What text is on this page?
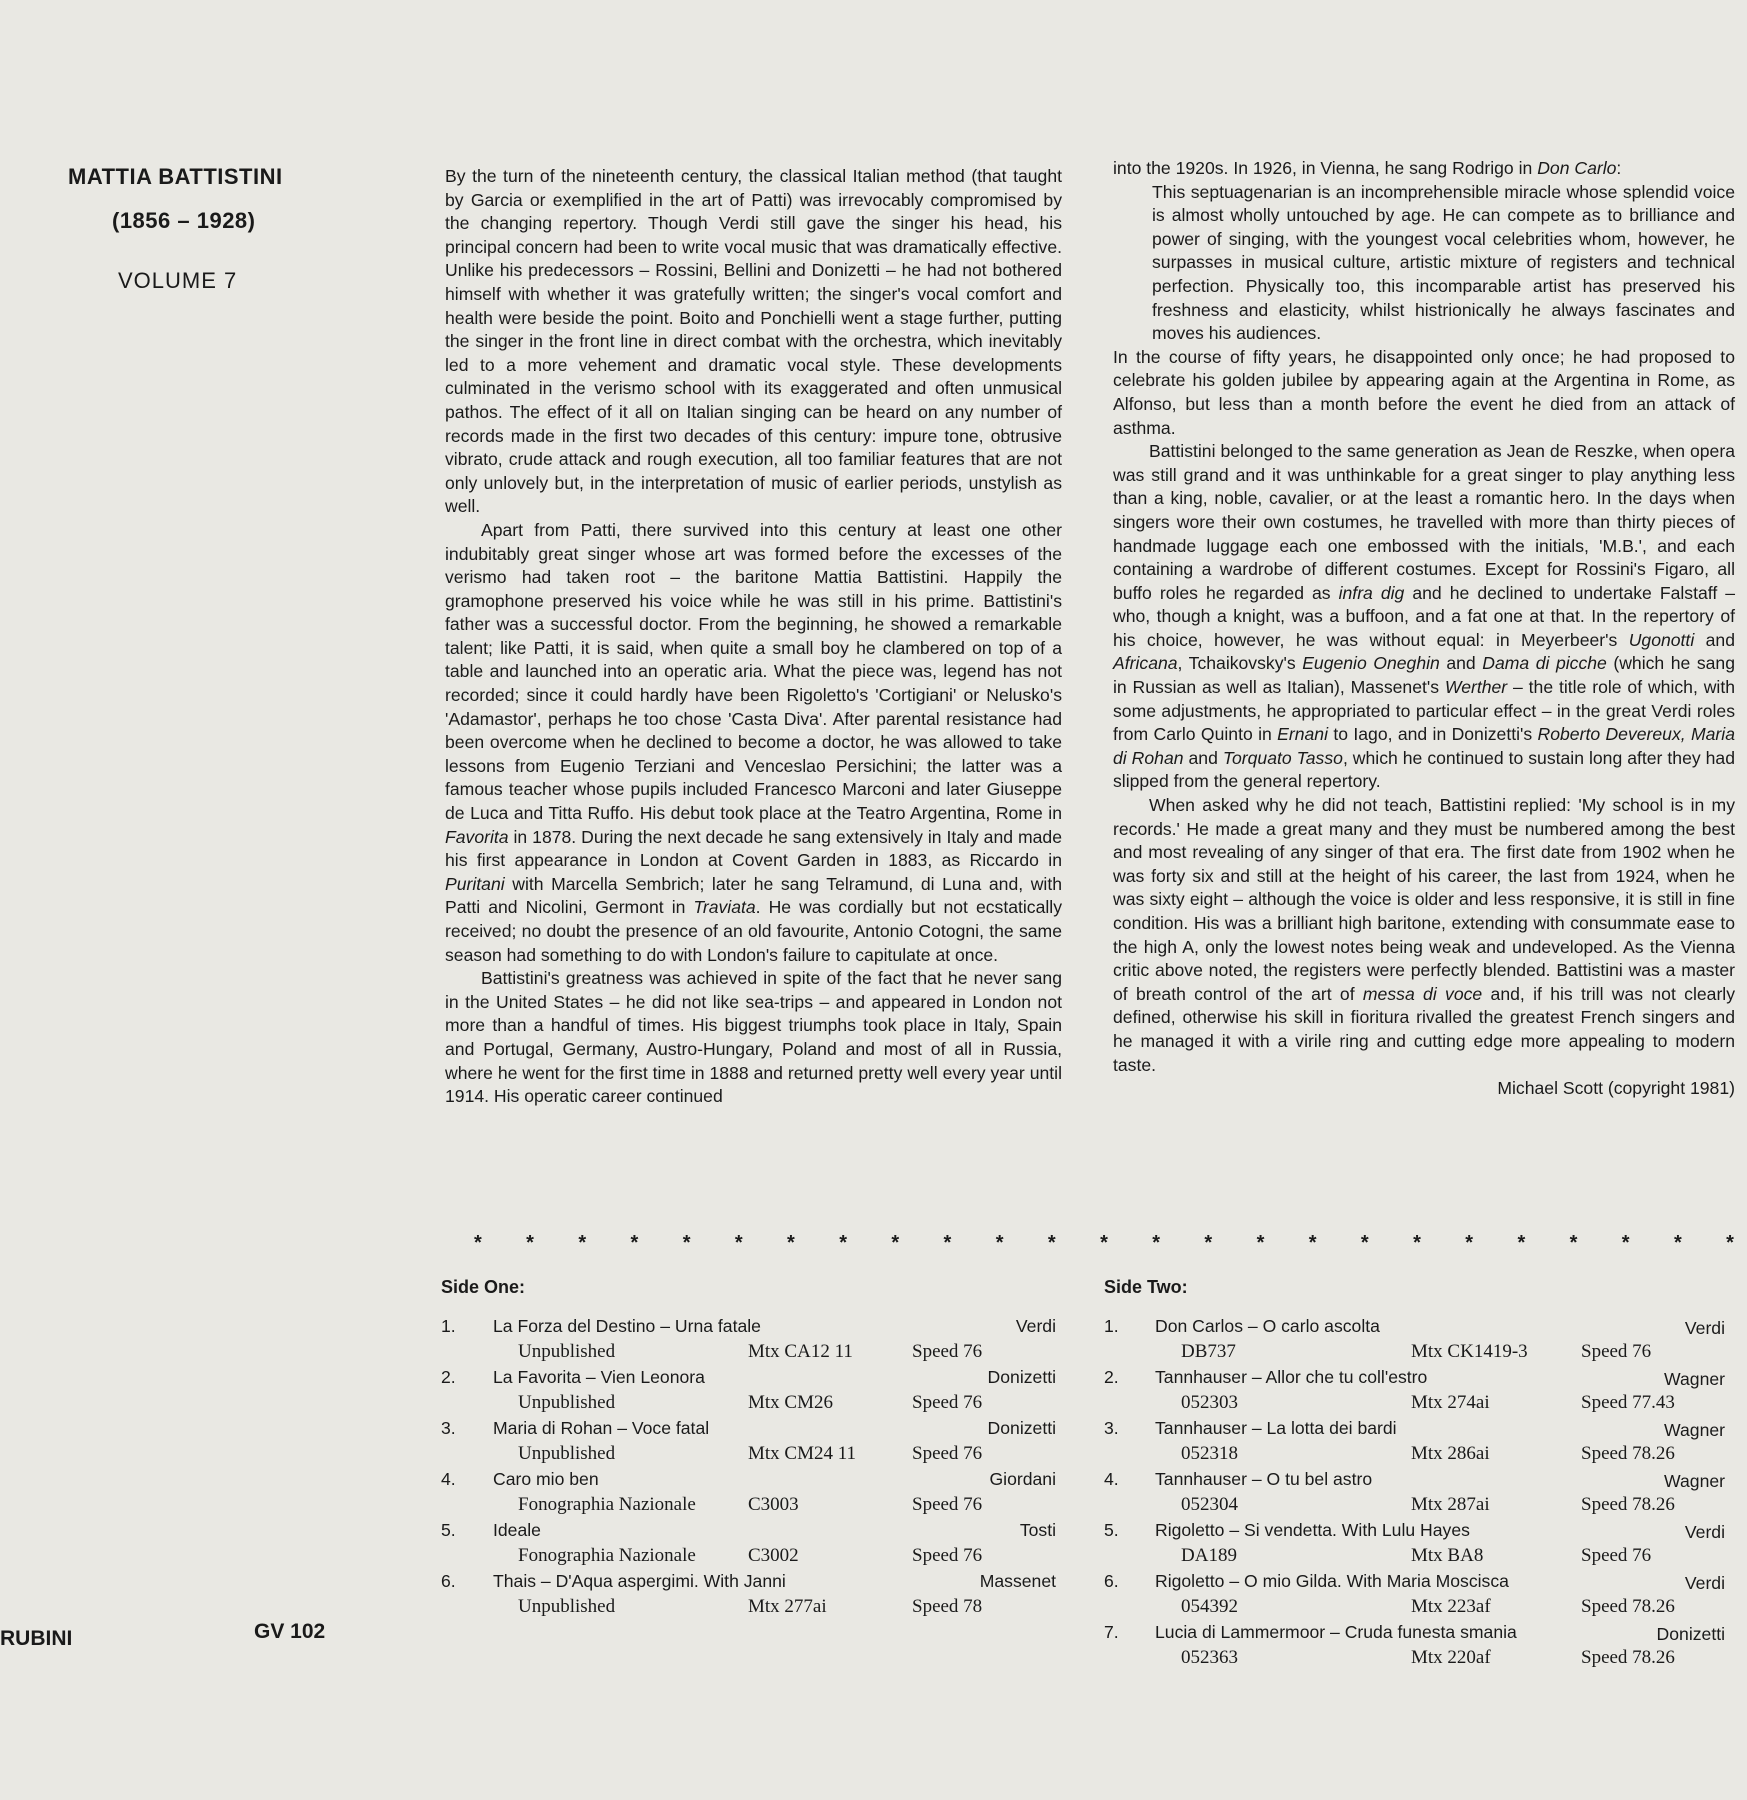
MATTIA BATTISTINI
(1856 – 1928)
VOLUME 7

By the turn of the nineteenth century, the classical Italian method (that taught by Garcia or exemplified in the art of Patti) was irrevocably compromised by the changing repertory. Though Verdi still gave the singer his head, his principal concern had been to write vocal music that was dramatically effective. Unlike his predecessors – Rossini, Bellini and Donizetti – he had not bothered himself with whether it was gratefully written; the singer's vocal comfort and health were beside the point. Boito and Ponchielli went a stage further, putting the singer in the front line in direct combat with the orchestra, which inevitably led to a more vehement and dramatic vocal style. These developments culminated in the verismo school with its exaggerated and often unmusical pathos. The effect of it all on Italian singing can be heard on any number of records made in the first two decades of this century: impure tone, obtrusive vibrato, crude attack and rough execution, all too familiar features that are not only unlovely but, in the interpretation of music of earlier periods, unstylish as well.

Apart from Patti, there survived into this century at least one other indubitably great singer whose art was formed before the excesses of the verismo had taken root – the baritone Mattia Battistini. Happily the gramophone preserved his voice while he was still in his prime. Battistini's father was a successful doctor. From the beginning, he showed a remarkable talent; like Patti, it is said, when quite a small boy he clambered on top of a table and launched into an operatic aria. What the piece was, legend has not recorded; since it could hardly have been Rigoletto's 'Cortigiani' or Nelusko's 'Adamastor', perhaps he too chose 'Casta Diva'. After parental resistance had been overcome when he declined to become a doctor, he was allowed to take lessons from Eugenio Terziani and Venceslao Persichini; the latter was a famous teacher whose pupils included Francesco Marconi and later Giuseppe de Luca and Titta Ruffo. His debut took place at the Teatro Argentina, Rome in Favorita in 1878. During the next decade he sang extensively in Italy and made his first appearance in London at Covent Garden in 1883, as Riccardo in Puritani with Marcella Sembrich; later he sang Telramund, di Luna and, with Patti and Nicolini, Germont in Traviata. He was cordially but not ecstatically received; no doubt the presence of an old favourite, Antonio Cotogni, the same season had something to do with London's failure to capitulate at once.

Battistini's greatness was achieved in spite of the fact that he never sang in the United States – he did not like sea-trips – and appeared in London not more than a handful of times. His biggest triumphs took place in Italy, Spain and Portugal, Germany, Austro-Hungary, Poland and most of all in Russia, where he went for the first time in 1888 and returned pretty well every year until 1914. His operatic career continued

into the 1920s. In 1926, in Vienna, he sang Rodrigo in Don Carlo:

This septuagenarian is an incomprehensible miracle whose splendid voice is almost wholly untouched by age. He can compete as to brilliance and power of singing, with the youngest vocal celebrities whom, however, he surpasses in musical culture, artistic mixture of registers and technical perfection. Physically too, this incomparable artist has preserved his freshness and elasticity, whilst histrionically he always fascinates and moves his audiences.

In the course of fifty years, he disappointed only once; he had proposed to celebrate his golden jubilee by appearing again at the Argentina in Rome, as Alfonso, but less than a month before the event he died from an attack of asthma.

Battistini belonged to the same generation as Jean de Reszke, when opera was still grand and it was unthinkable for a great singer to play anything less than a king, noble, cavalier, or at the least a romantic hero. In the days when singers wore their own costumes, he travelled with more than thirty pieces of handmade luggage each one embossed with the initials, 'M.B.', and each containing a wardrobe of different costumes. Except for Rossini's Figaro, all buffo roles he regarded as infra dig and he declined to undertake Falstaff – who, though a knight, was a buffoon, and a fat one at that. In the repertory of his choice, however, he was without equal: in Meyerbeer's Ugonotti and Africana, Tchaikovsky's Eugenio Oneghin and Dama di picche (which he sang in Russian as well as Italian), Massenet's Werther – the title role of which, with some adjustments, he appropriated to particular effect – in the great Verdi roles from Carlo Quinto in Ernani to Iago, and in Donizetti's Roberto Devereux, Maria di Rohan and Torquato Tasso, which he continued to sustain long after they had slipped from the general repertory.

When asked why he did not teach, Battistini replied: 'My school is in my records.' He made a great many and they must be numbered among the best and most revealing of any singer of that era. The first date from 1902 when he was forty six and still at the height of his career, the last from 1924, when he was sixty eight – although the voice is older and less responsive, it is still in fine condition. His was a brilliant high baritone, extending with consummate ease to the high A, only the lowest notes being weak and undeveloped. As the Vienna critic above noted, the registers were perfectly blended. Battistini was a master of breath control of the art of messa di voce and, if his trill was not clearly defined, otherwise his skill in fioritura rivalled the greatest French singers and he managed it with a virile ring and cutting edge more appealing to modern taste.

Michael Scott (copyright 1981)

* * * * * * * * * * * * * * * * * * * * * * * * *
Side One:
1. La Forza del Destino – Urna fatale	Verdi
Unpublished	Mtx CA12 11	Speed 76
2. La Favorita – Vien Leonora	Donizetti
Unpublished	Mtx CM26	Speed 76
3. Maria di Rohan – Voce fatal	Donizetti
Unpublished	Mtx CM24 11	Speed 76
4. Caro mio ben	Giordani
Fonographia Nazionale	C3003	Speed 76
5. Ideale	Tosti
Fonographia Nazionale	C3002	Speed 76
6. Thais – D'Aqua aspergimi. With Janni	Massenet
Unpublished	Mtx 277ai	Speed 78
Side Two:
1. Don Carlos – O carlo ascolta	Verdi
DB737	Mtx CK1419-3	Speed 76
2. Tannhauser – Allor che tu coll'estro	Wagner
052303	Mtx 274ai	Speed 77.43
3. Tannhauser – La lotta dei bardi	Wagner
052318	Mtx 286ai	Speed 78.26
4. Tannhauser – O tu bel astro	Wagner
052304	Mtx 287ai	Speed 78.26
5. Rigoletto – Si vendetta. With Lulu Hayes	Verdi
DA189	Mtx BA8	Speed 76
6. Rigoletto – O mio Gilda. With Maria Moscisca	Verdi
054392	Mtx 223af	Speed 78.26
7. Lucia di Lammermoor – Cruda funesta smania	Donizetti
052363	Mtx 220af	Speed 78.26
RUBINI	GV 102
